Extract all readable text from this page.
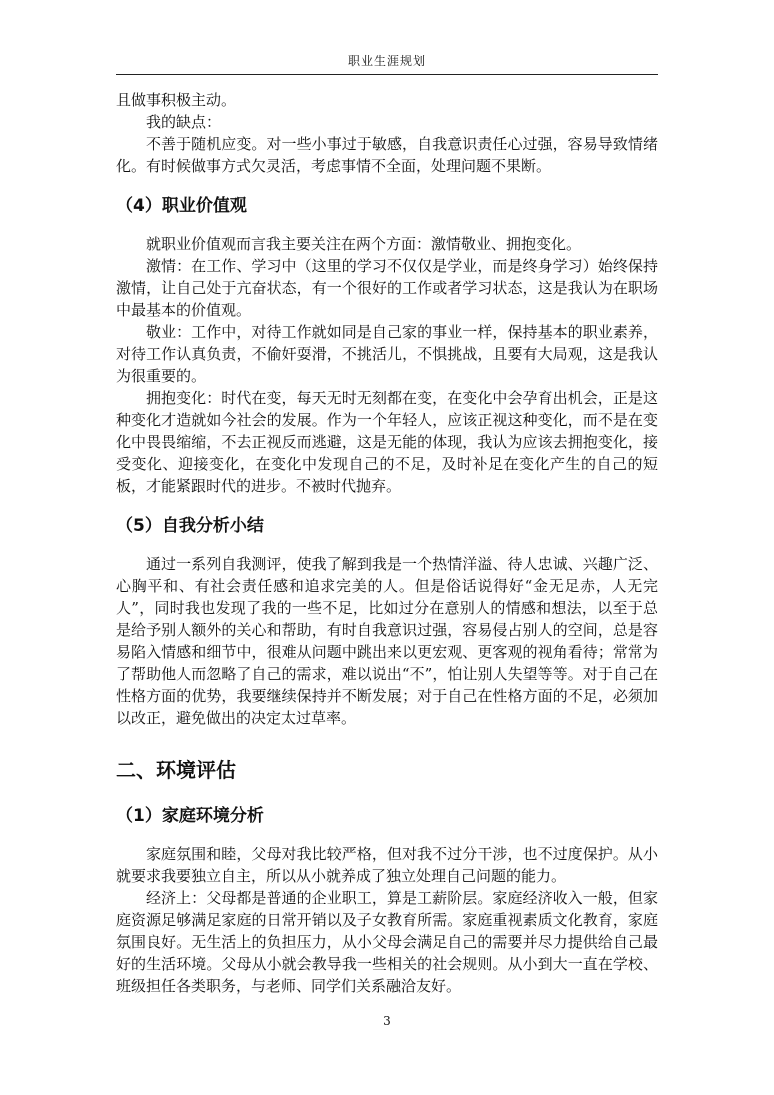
职业生涯规划

且做事积极主动。

我的缺点：

不善于随机应变。对一些小事过于敏感，自我意识责任心过强，容易导致情绪化。有时候做事方式欠灵活，考虑事情不全面，处理问题不果断。

（4）职业价值观

就职业价值观而言我主要关注在两个方面：激情敬业、拥抱变化。

激情：在工作、学习中（这里的学习不仅仅是学业，而是终身学习）始终保持激情，让自己处于亢奋状态，有一个很好的工作或者学习状态，这是我认为在职场中最基本的价值观。

敬业：工作中，对待工作就如同是自己家的事业一样，保持基本的职业素养，对待工作认真负责，不偷奸耍滑，不挑活儿，不惧挑战，且要有大局观，这是我认为很重要的。

拥抱变化：时代在变，每天无时无刻都在变，在变化中会孕育出机会，正是这种变化才造就如今社会的发展。作为一个年轻人，应该正视这种变化，而不是在变化中畏畏缩缩，不去正视反而逃避，这是无能的体现，我认为应该去拥抱变化，接受变化、迎接变化，在变化中发现自己的不足，及时补足在变化产生的自己的短板，才能紧跟时代的进步。不被时代抛弃。

（5）自我分析小结

通过一系列自我测评，使我了解到我是一个热情洋溢、待人忠诚、兴趣广泛、心胸平和、有社会责任感和追求完美的人。但是俗话说得好“金无足赤，人无完人”，同时我也发现了我的一些不足，比如过分在意别人的情感和想法，以至于总是给予别人额外的关心和帮助，有时自我意识过强，容易侵占别人的空间，总是容易陷入情感和细节中，很难从问题中跳出来以更宏观、更客观的视角看待；常常为了帮助他人而忽略了自己的需求，难以说出“不”，怕让别人失望等等。对于自己在性格方面的优势，我要继续保持并不断发展；对于自己在性格方面的不足，必须加以改正，避免做出的决定太过草率。

二、环境评估
（1）家庭环境分析

家庭氛围和睦，父母对我比较严格，但对我不过分干涉，也不过度保护。从小就要求我要独立自主，所以从小就养成了独立处理自己问题的能力。

经济上：父母都是普通的企业职工，算是工薪阶层。家庭经济收入一般，但家庭资源足够满足家庭的日常开销以及子女教育所需。家庭重视素质文化教育，家庭氛围良好。无生活上的负担压力，从小父母会满足自己的需要并尽力提供给自己最好的生活环境。父母从小就会教导我一些相关的社会规则。从小到大一直在学校、班级担任各类职务，与老师、同学们关系融洽友好。

3
